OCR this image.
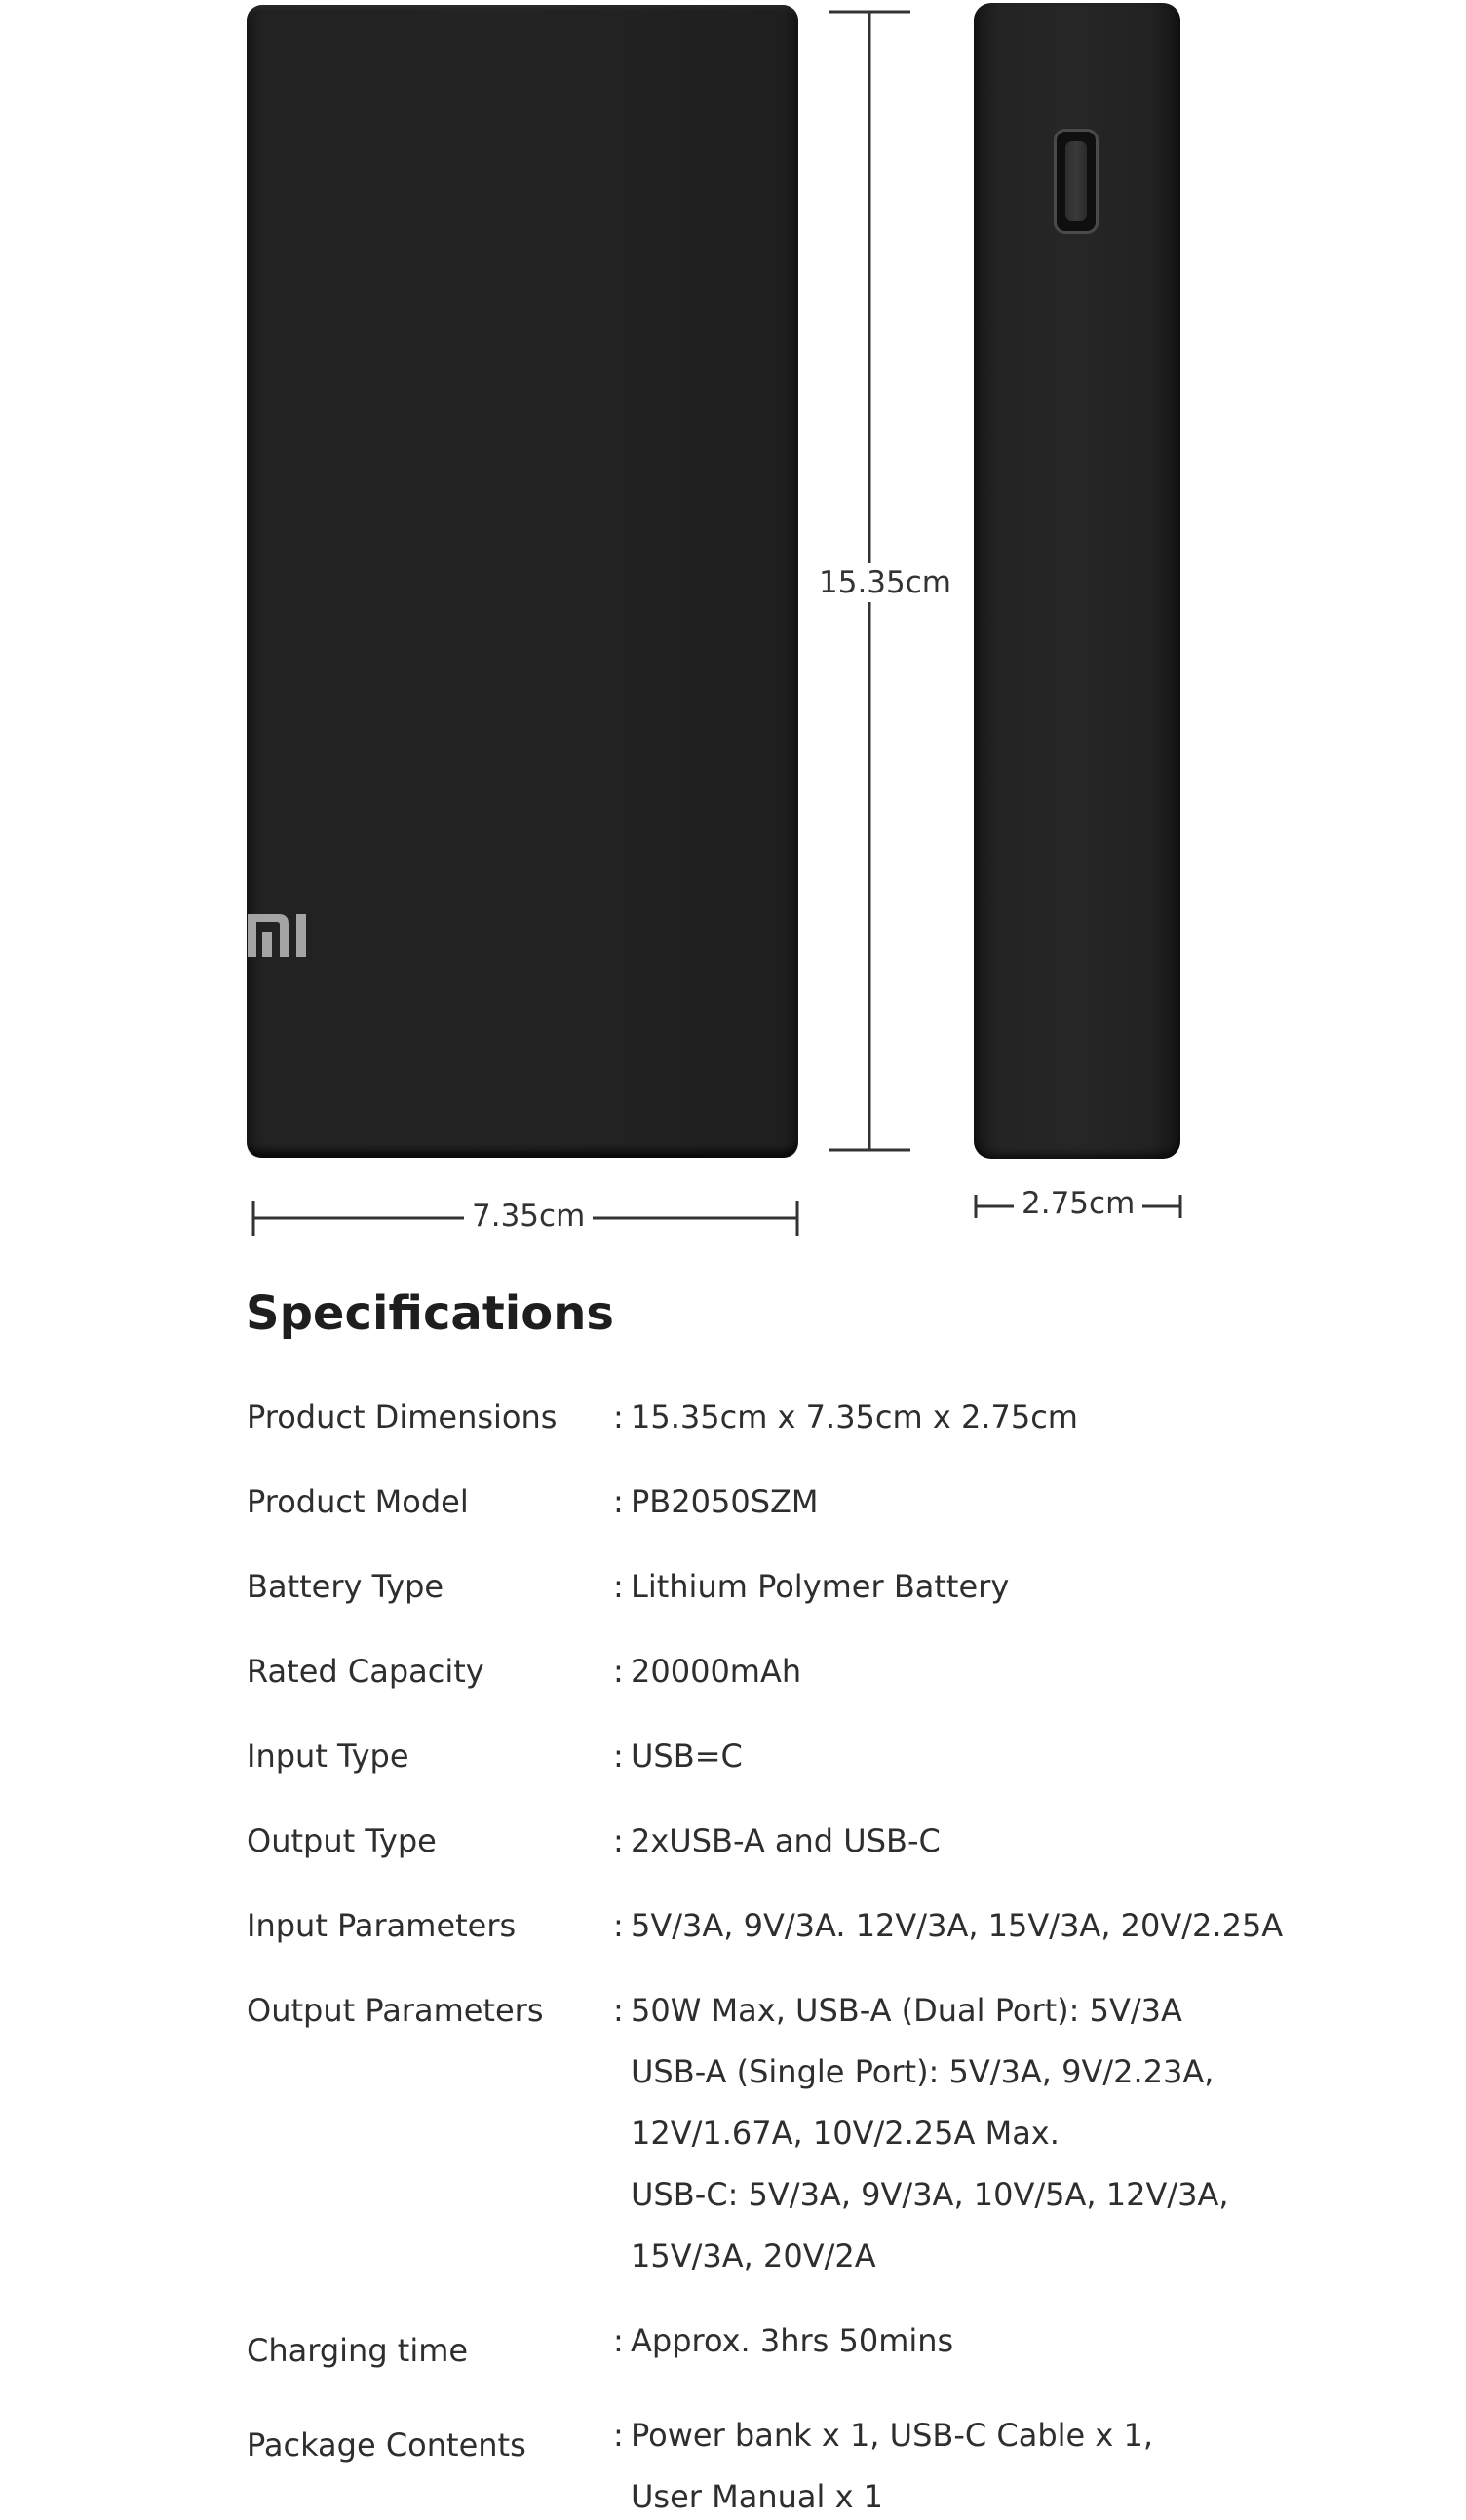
15.35cm
7.35cm	2.75cm
Specifications
Product Dimensions	: 15.35cm x 7.35cm x 2.75cm
Product Model	: PB2050SZM
Battery Type	: Lithium Polymer Battery
Rated Capacity	: 20000mAh
Input Type	: USB=C
Output Type	: 2xUSB-A and USB-C
Input Parameters	: 5V/3A, 9V/3A. 12V/3A, 15V/3A, 20V/2.25A
Output Parameters	: 50W Max, USB-A (Dual Port): 5V/3A
USB-A (Single Port): 5V/3A, 9V/2.23A,
12V/1.67A, 10V/2.25A Max.
USB-C: 5V/3A, 9V/3A, 10V/5A, 12V/3A,
15V/3A, 20V/2A
Charging time	: Approx. 3hrs 50mins
Package Contents	: Power bank x 1, USB-C Cable x 1,
User Manual x 1
